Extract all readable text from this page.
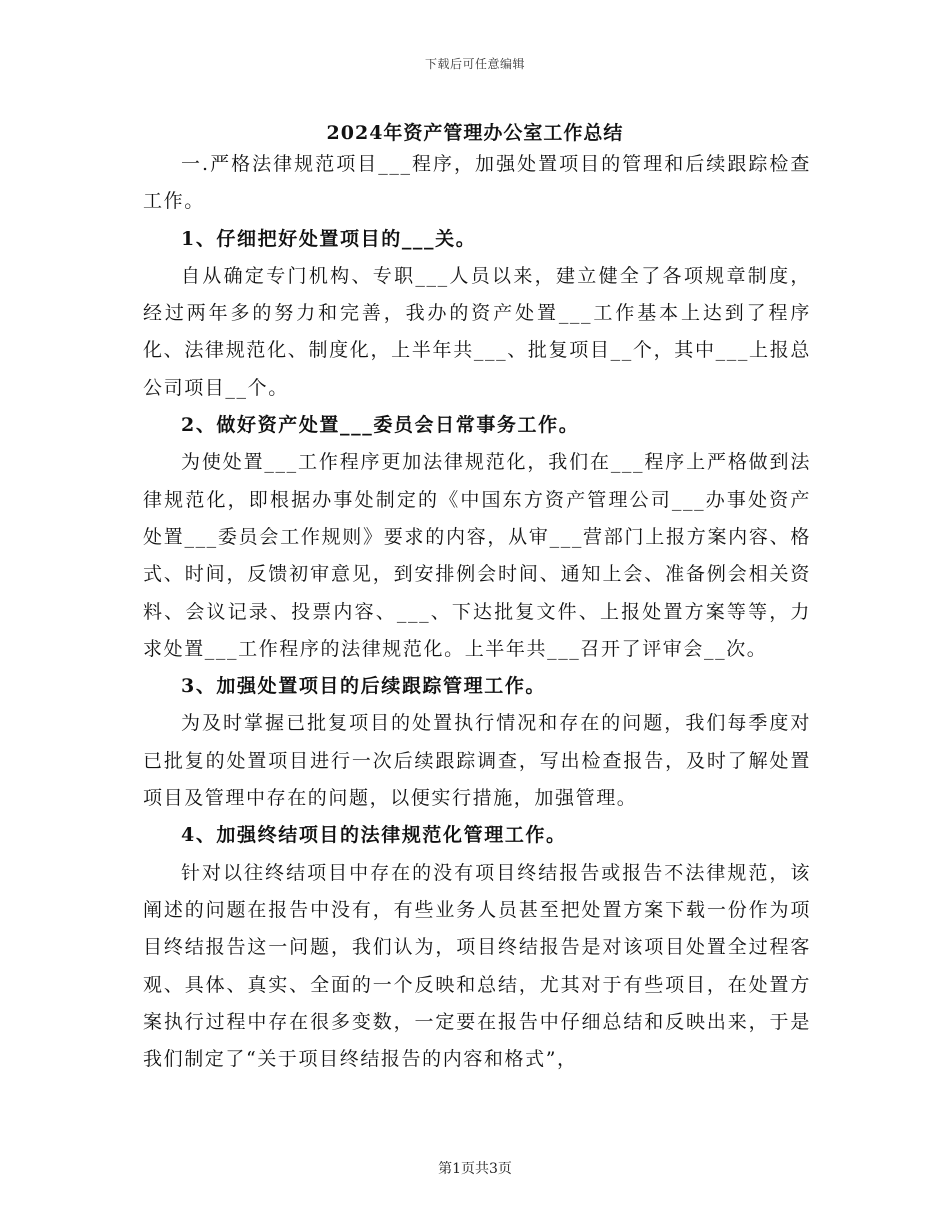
下载后可任意编辑
2024年资产管理办公室工作总结

一.严格法律规范项目___程序，加强处置项目的管理和后续跟踪检查工作。

1、仔细把好处置项目的___关。

自从确定专门机构、专职___人员以来，建立健全了各项规章制度，经过两年多的努力和完善，我办的资产处置___工作基本上达到了程序化、法律规范化、制度化，上半年共___、批复项目__个，其中___上报总公司项目__个。

2、做好资产处置___委员会日常事务工作。

为使处置___工作程序更加法律规范化，我们在___程序上严格做到法律规范化，即根据办事处制定的《中国东方资产管理公司___办事处资产处置___委员会工作规则》要求的内容，从审___营部门上报方案内容、格式、时间，反馈初审意见，到安排例会时间、通知上会、准备例会相关资料、会议记录、投票内容、___、下达批复文件、上报处置方案等等，力求处置___工作程序的法律规范化。上半年共___召开了评审会__次。

3、加强处置项目的后续跟踪管理工作。

为及时掌握已批复项目的处置执行情况和存在的问题，我们每季度对已批复的处置项目进行一次后续跟踪调查，写出检查报告，及时了解处置项目及管理中存在的问题，以便实行措施，加强管理。

4、加强终结项目的法律规范化管理工作。

针对以往终结项目中存在的没有项目终结报告或报告不法律规范，该阐述的问题在报告中没有，有些业务人员甚至把处置方案下载一份作为项目终结报告这一问题，我们认为，项目终结报告是对该项目处置全过程客观、具体、真实、全面的一个反映和总结，尤其对于有些项目，在处置方案执行过程中存在很多变数，一定要在报告中仔细总结和反映出来，于是我们制定了“关于项目终结报告的内容和格式”，

第1页共3页
